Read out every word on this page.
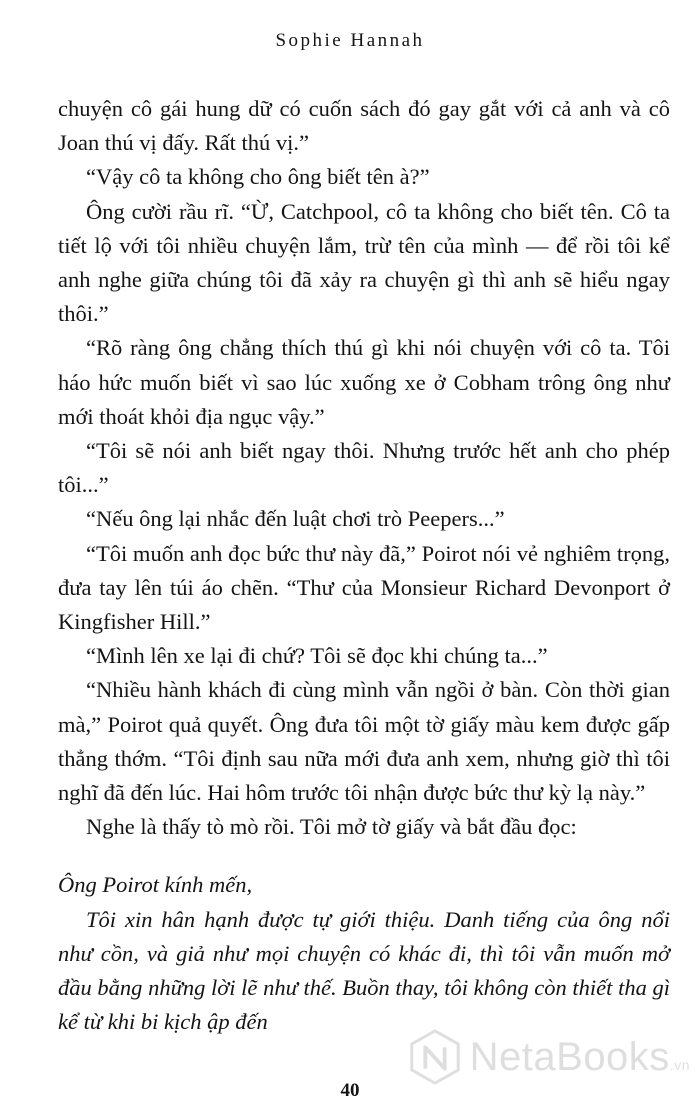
Sophie Hannah

chuyện cô gái hung dữ có cuốn sách đó gay gắt với cả anh và cô Joan thú vị đấy. Rất thú vị.”

“Vậy cô ta không cho ông biết tên à?”

Ông cười rầu rĩ. “Ừ, Catchpool, cô ta không cho biết tên. Cô ta tiết lộ với tôi nhiều chuyện lắm, trừ tên của mình — để rồi tôi kể anh nghe giữa chúng tôi đã xảy ra chuyện gì thì anh sẽ hiểu ngay thôi.”

“Rõ ràng ông chẳng thích thú gì khi nói chuyện với cô ta. Tôi háo hức muốn biết vì sao lúc xuống xe ở Cobham trông ông như mới thoát khỏi địa ngục vậy.”

“Tôi sẽ nói anh biết ngay thôi. Nhưng trước hết anh cho phép tôi...”

“Nếu ông lại nhắc đến luật chơi trò Peepers...”

“Tôi muốn anh đọc bức thư này đã,” Poirot nói vẻ nghiêm trọng, đưa tay lên túi áo chẽn. “Thư của Monsieur Richard Devonport ở Kingfisher Hill.”

“Mình lên xe lại đi chứ? Tôi sẽ đọc khi chúng ta...”

“Nhiều hành khách đi cùng mình vẫn ngồi ở bàn. Còn thời gian mà,” Poirot quả quyết. Ông đưa tôi một tờ giấy màu kem được gấp thẳng thớm. “Tôi định sau nữa mới đưa anh xem, nhưng giờ thì tôi nghĩ đã đến lúc. Hai hôm trước tôi nhận được bức thư kỳ lạ này.”

Nghe là thấy tò mò rồi. Tôi mở tờ giấy và bắt đầu đọc:

Ông Poirot kính mến,

Tôi xin hân hạnh được tự giới thiệu. Danh tiếng của ông nổi như cồn, và giả như mọi chuyện có khác đi, thì tôi vẫn muốn mở đầu bằng những lời lẽ như thế. Buồn thay, tôi không còn thiết tha gì kể từ khi bi kịch ập đến

40
NetaBooks.vn
